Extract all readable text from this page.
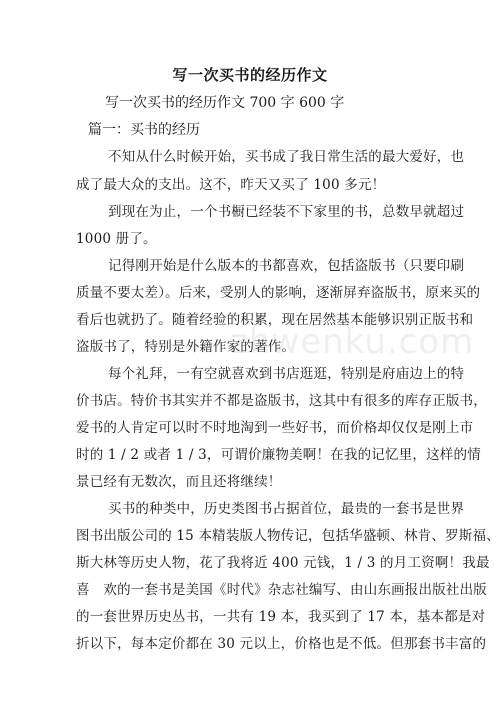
写一次买书的经历作文
写一次买书的经历作文 700 字 600 字
篇一：买书的经历
不知从什么时候开始，买书成了我日常生活的最大爱好，也
成了最大众的支出。这不，昨天又买了 100 多元！
到现在为止，一个书橱已经装不下家里的书，总数早就超过
1000 册了。
记得刚开始是什么版本的书都喜欢，包括盗版书（只要印刷
质量不要太差）。后来，受别人的影响，逐渐屏弃盗版书，原来买的
看后也就扔了。随着经验的积累，现在居然基本能够识别正版书和
盗版书了，特别是外籍作家的著作。
每个礼拜，一有空就喜欢到书店逛逛，特别是府庙边上的特
价书店。特价书其实并不都是盗版书，这其中有很多的库存正版书，
爱书的人肯定可以时不时地淘到一些好书，而价格却仅仅是刚上市
时的 1 / 2 或者 1 / 3，可谓价廉物美啊！在我的记忆里，这样的情
景已经有无数次，而且还将继续！
买书的种类中，历史类图书占据首位，最贵的一套书是世界
图书出版公司的 15 本精装版人物传记，包括华盛顿、林肯、罗斯福、
斯大林等历史人物，花了我将近 400 元钱，1 / 3 的月工资啊！我最
喜　欢的一套书是美国《时代》杂志社编写、由山东画报出版社出版
的一套世界历史丛书，一共有 19 本，我买到了 17 本，基本都是对
折以下，每本定价都在 30 元以上，价格也是不低。但那套书丰富的
zhwenku.com
